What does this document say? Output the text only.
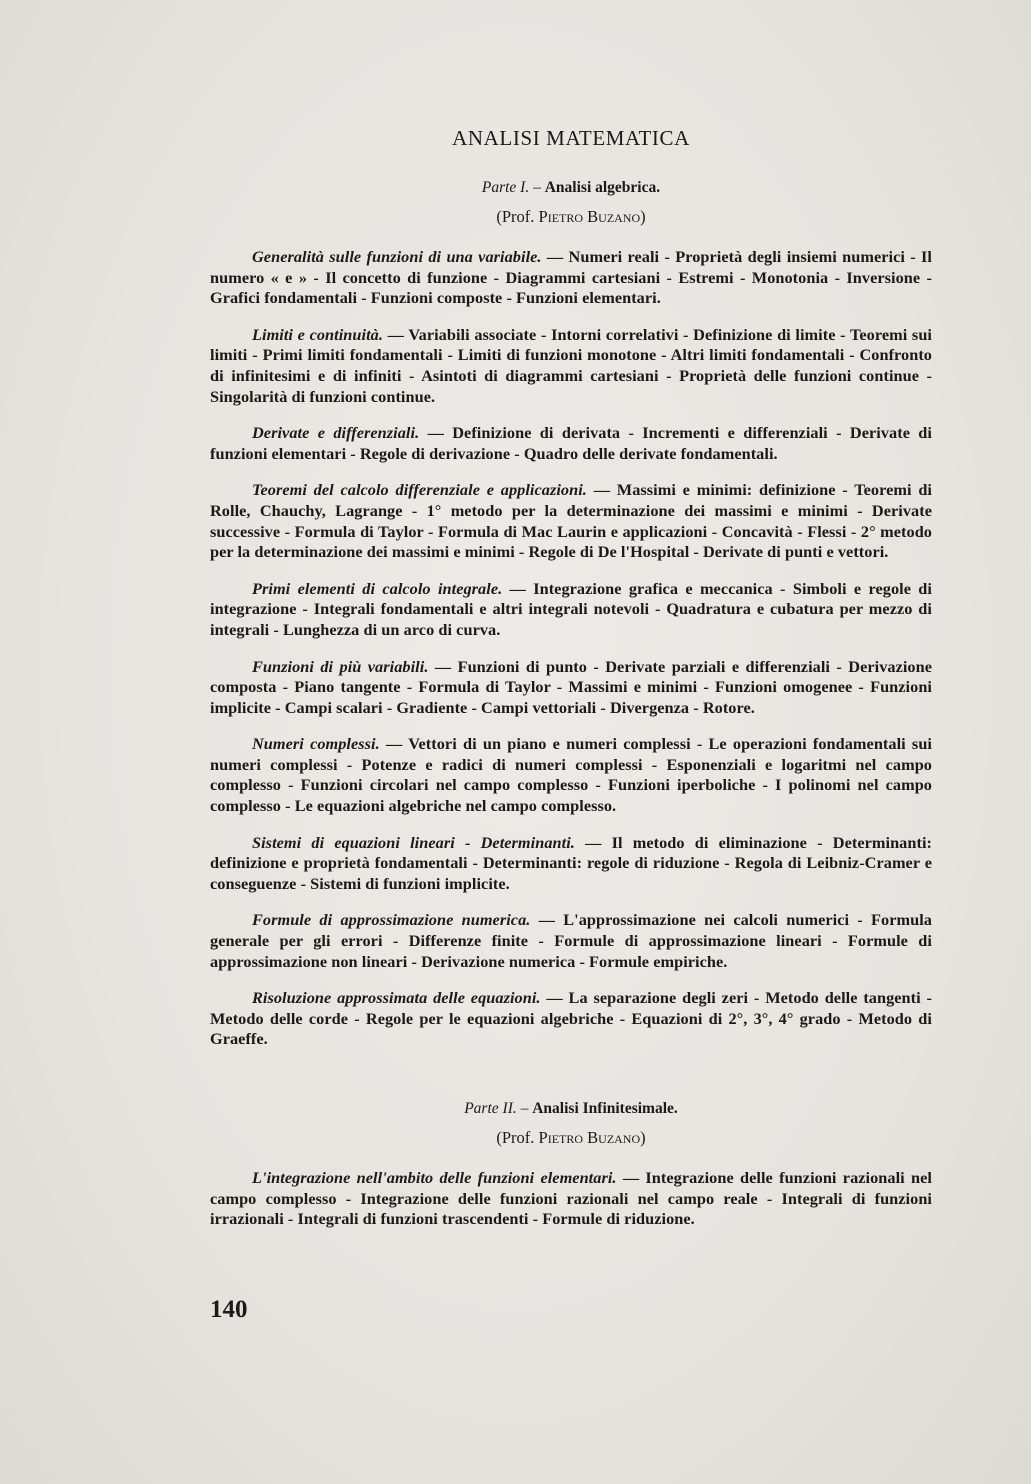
ANALISI MATEMATICA
Parte I. – Analisi algebrica.
(Prof. Pietro Buzano)

Generalità sulle funzioni di una variabile. — Numeri reali - Proprietà degli insiemi numerici - Il numero « e » - Il concetto di funzione - Diagrammi cartesiani - Estremi - Monotonia - Inversione - Grafici fondamentali - Funzioni composte - Funzioni elementari.

Limiti e continuità. — Variabili associate - Intorni correlativi - Definizione di limite - Teoremi sui limiti - Primi limiti fondamentali - Limiti di funzioni monotone - Altri limiti fondamentali - Confronto di infinitesimi e di infiniti - Asintoti di diagrammi cartesiani - Proprietà delle funzioni continue - Singolarità di funzioni continue.

Derivate e differenziali. — Definizione di derivata - Incrementi e differenziali - Derivate di funzioni elementari - Regole di derivazione - Quadro delle derivate fondamentali.

Teoremi del calcolo differenziale e applicazioni. — Massimi e minimi: definizione - Teoremi di Rolle, Chauchy, Lagrange - 1° metodo per la determinazione dei massimi e minimi - Derivate successive - Formula di Taylor - Formula di Mac Laurin e applicazioni - Concavità - Flessi - 2° metodo per la determinazione dei massimi e minimi - Regole di De l'Hospital - Derivate di punti e vettori.

Primi elementi di calcolo integrale. — Integrazione grafica e meccanica - Simboli e regole di integrazione - Integrali fondamentali e altri integrali notevoli - Quadratura e cubatura per mezzo di integrali - Lunghezza di un arco di curva.

Funzioni di più variabili. — Funzioni di punto - Derivate parziali e differenziali - Derivazione composta - Piano tangente - Formula di Taylor - Massimi e minimi - Funzioni omogenee - Funzioni implicite - Campi scalari - Gradiente - Campi vettoriali - Divergenza - Rotore.

Numeri complessi. — Vettori di un piano e numeri complessi - Le operazioni fondamentali sui numeri complessi - Potenze e radici di numeri complessi - Esponenziali e logaritmi nel campo complesso - Funzioni circolari nel campo complesso - Funzioni iperboliche - I polinomi nel campo complesso - Le equazioni algebriche nel campo complesso.

Sistemi di equazioni lineari - Determinanti. — Il metodo di eliminazione - Determinanti: definizione e proprietà fondamentali - Determinanti: regole di riduzione - Regola di Leibniz-Cramer e conseguenze - Sistemi di funzioni implicite.

Formule di approssimazione numerica. — L'approssimazione nei calcoli numerici - Formula generale per gli errori - Differenze finite - Formule di approssimazione lineari - Formule di approssimazione non lineari - Derivazione numerica - Formule empiriche.

Risoluzione approssimata delle equazioni. — La separazione degli zeri - Metodo delle tangenti - Metodo delle corde - Regole per le equazioni algebriche - Equazioni di 2°, 3°, 4° grado - Metodo di Graeffe.

Parte II. – Analisi Infinitesimale.
(Prof. Pietro Buzano)

L'integrazione nell'ambito delle funzioni elementari. — Integrazione delle funzioni razionali nel campo complesso - Integrazione delle funzioni razionali nel campo reale - Integrali di funzioni irrazionali - Integrali di funzioni trascendenti - Formule di riduzione.

140
